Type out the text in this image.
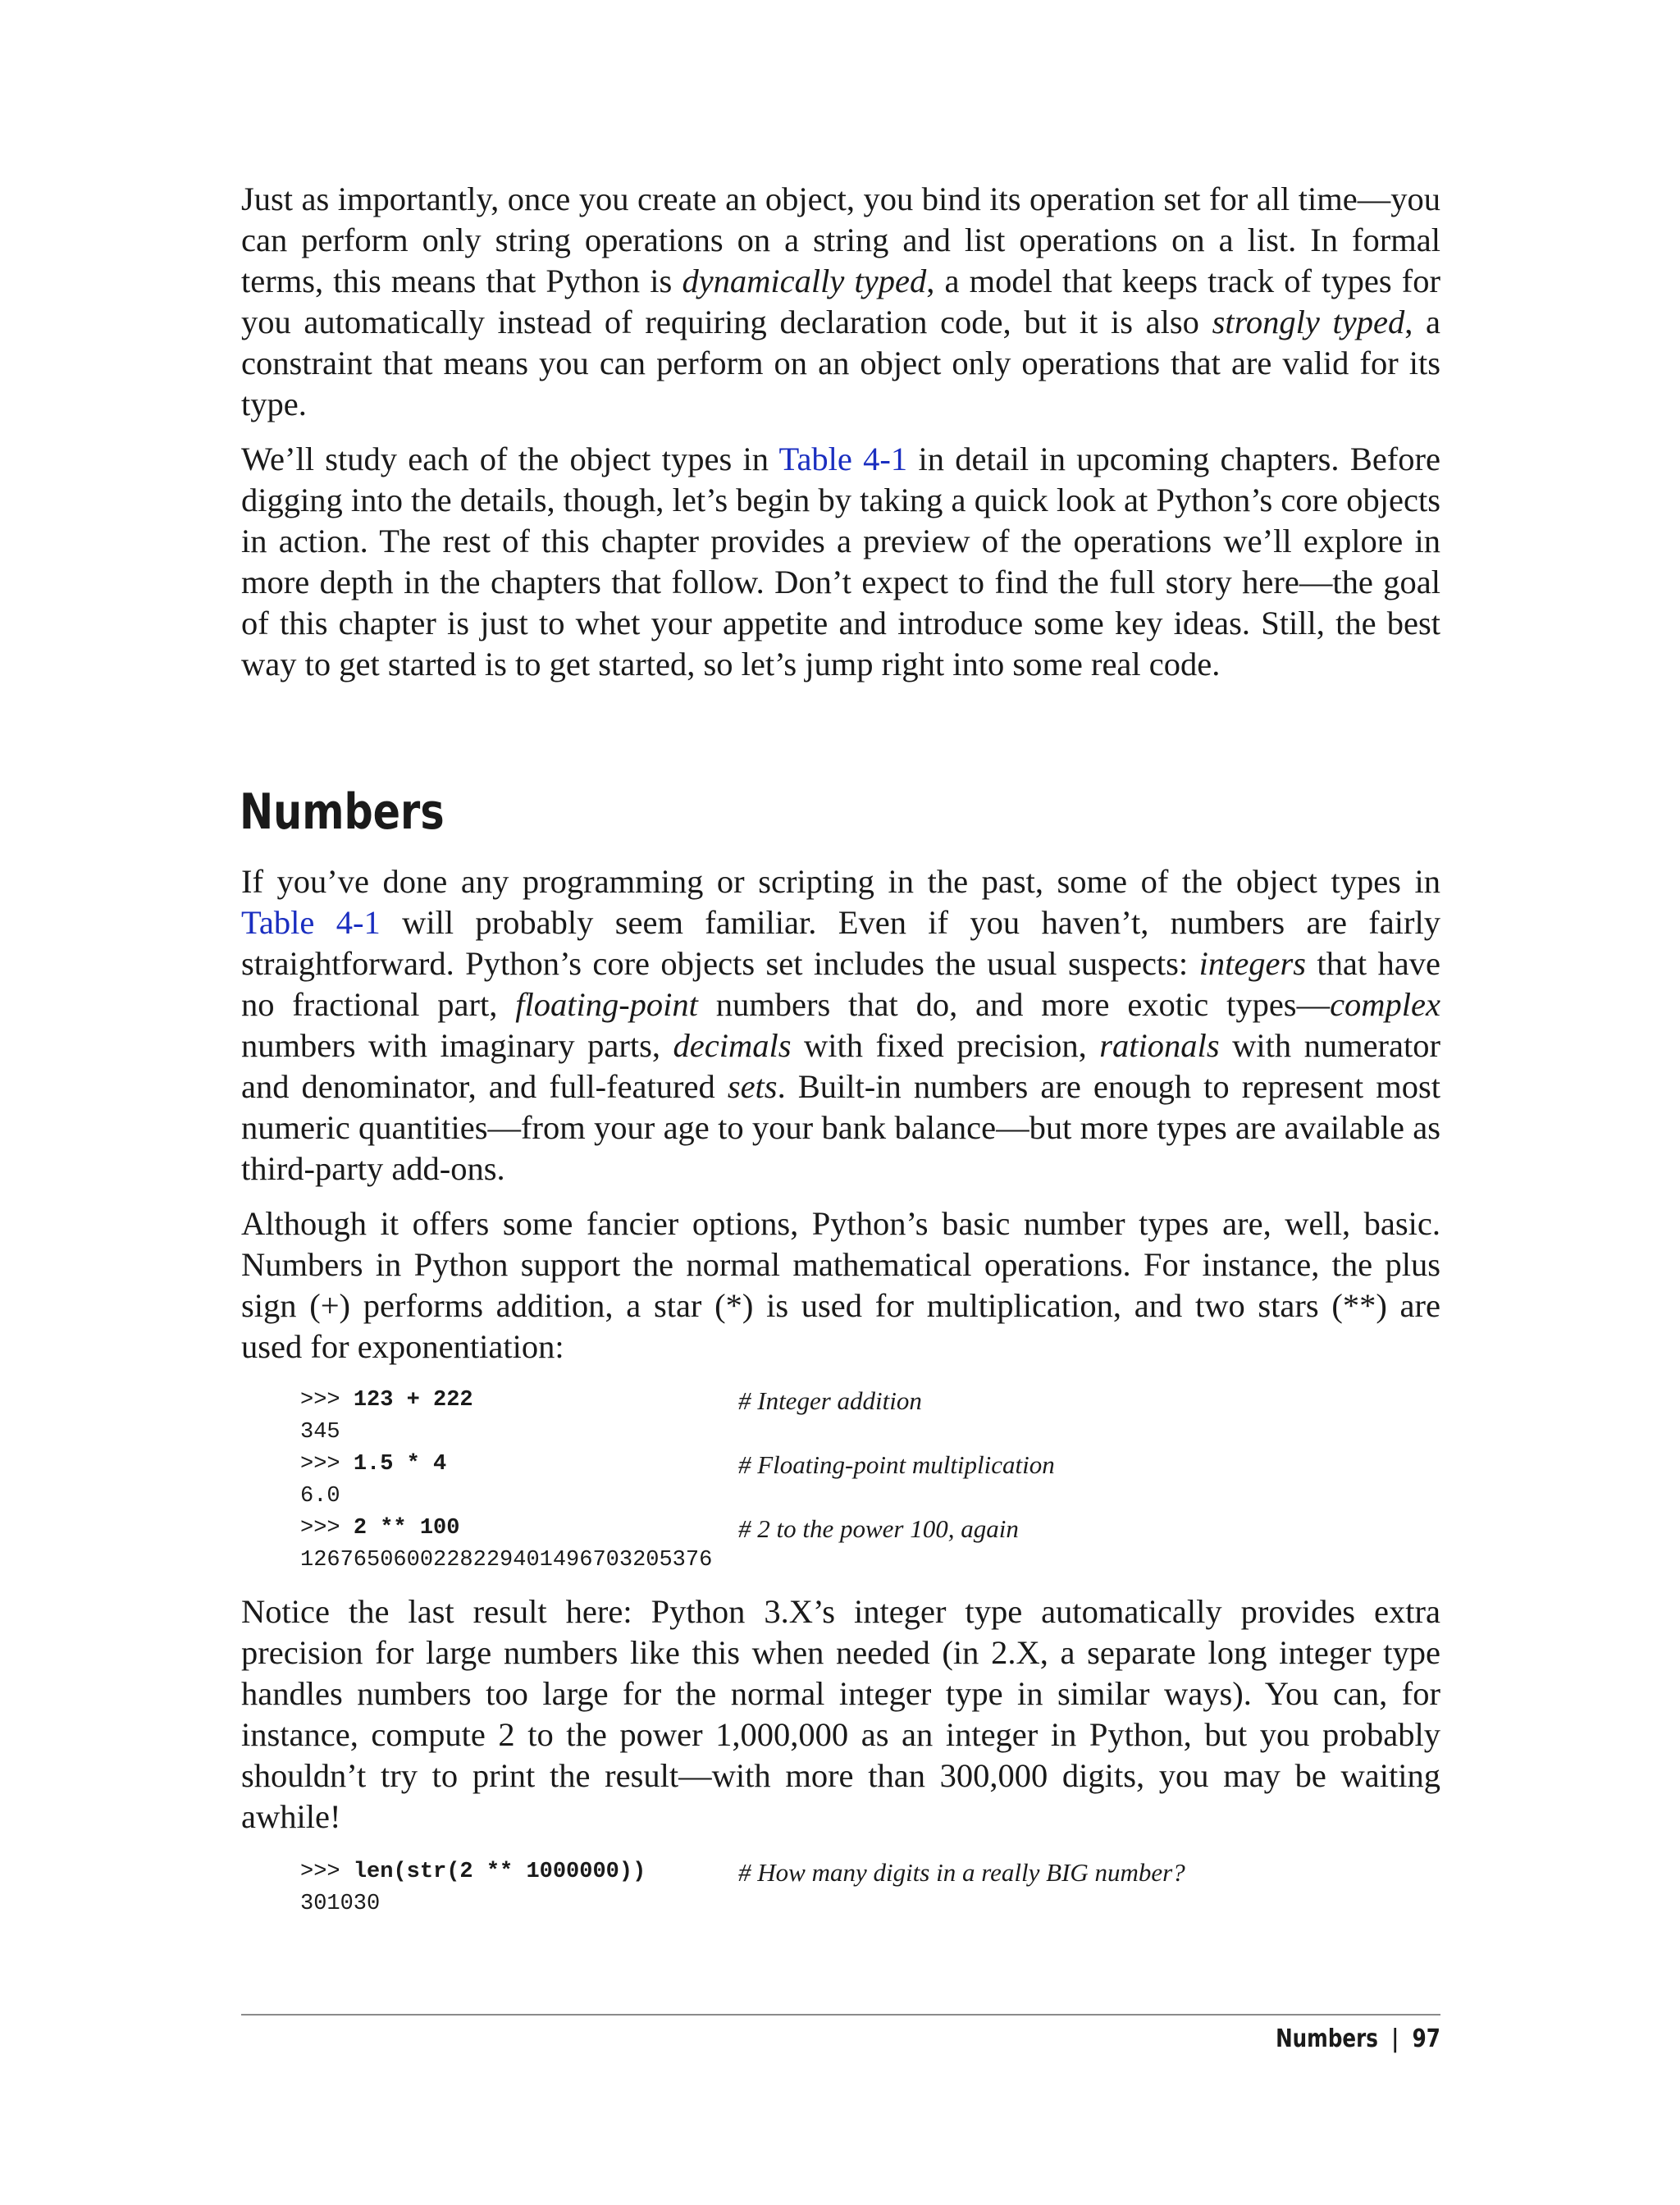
Just as importantly, once you create an object, you bind its operation set for all time—you can perform only string operations on a string and list operations on a list. In formal terms, this means that Python is dynamically typed, a model that keeps track of types for you automatically instead of requiring declaration code, but it is also strongly typed, a constraint that means you can perform on an object only operations that are valid for its type.

We’ll study each of the object types in Table 4-1 in detail in upcoming chapters. Before digging into the details, though, let’s begin by taking a quick look at Python’s core objects in action. The rest of this chapter provides a preview of the operations we’ll explore in more depth in the chapters that follow. Don’t expect to find the full story here—the goal of this chapter is just to whet your appetite and introduce some key ideas. Still, the best way to get started is to get started, so let’s jump right into some real code.

Numbers

If you’ve done any programming or scripting in the past, some of the object types in Table 4-1 will probably seem familiar. Even if you haven’t, numbers are fairly straightforward. Python’s core objects set includes the usual suspects: integers that have no fractional part, floating-point numbers that do, and more exotic types—complex numbers with imaginary parts, decimals with fixed precision, rationals with numerator and denominator, and full-featured sets. Built-in numbers are enough to represent most numeric quantities—from your age to your bank balance—but more types are available as third-party add-ons.

Although it offers some fancier options, Python’s basic number types are, well, basic. Numbers in Python support the normal mathematical operations. For instance, the plus sign (+) performs addition, a star (*) is used for multiplication, and two stars (**) are used for exponentiation:

>>> 123 + 222	# Integer addition
345
>>> 1.5 * 4	# Floating-point multiplication
6.0
>>> 2 ** 100	# 2 to the power 100, again
1267650600228229401496703205376

Notice the last result here: Python 3.X’s integer type automatically provides extra precision for large numbers like this when needed (in 2.X, a separate long integer type handles numbers too large for the normal integer type in similar ways). You can, for instance, compute 2 to the power 1,000,000 as an integer in Python, but you probably shouldn’t try to print the result—with more than 300,000 digits, you may be waiting awhile!

>>> len(str(2 ** 1000000))	# How many digits in a really BIG number?
301030
Numbers | 97
